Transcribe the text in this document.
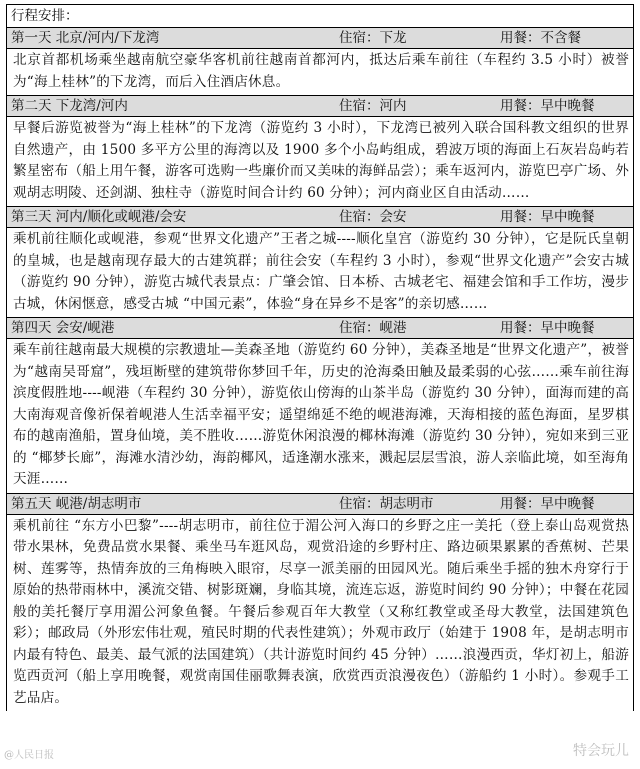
行程安排：
第一天 北京/河内/下龙湾	住宿：下龙	用餐：不含餐

北京首都机场乘坐越南航空豪华客机前往越南首都河内，抵达后乘车前往（车程约 3.5 小时）被誉为“海上桂林”的下龙湾，而后入住酒店休息。

第二天 下龙湾/河内	住宿：河内	用餐：早中晚餐

早餐后游览被誉为“海上桂林”的下龙湾（游览约 3 小时），下龙湾已被列入联合国科教文组织的世界自然遗产，由 1500 多平方公里的海湾以及 1900 多个小岛屿组成，碧波万顷的海面上石灰岩岛屿若繁星密布（船上用午餐，游客可选购一些廉价而又美味的海鲜品尝）；乘车返河内，游览巴亭广场、外观胡志明陵、还剑湖、独柱寺（游览时间合计约 60 分钟）；河内商业区自由活动……

第三天 河内/顺化或岘港/会安	住宿：会安	用餐：早中晚餐

乘机前往顺化或岘港，参观“世界文化遗产”王者之城----顺化皇宫（游览约 30 分钟），它是阮氏皇朝的皇城，也是越南现存最大的古建筑群；前往会安（车程约 3 小时），参观“世界文化遗产”会安古城（游览约 90 分钟），游览古城代表景点：广肇会馆、日本桥、古城老宅、福建会馆和手工作坊，漫步古城，休闲惬意，感受古城 “中国元素”，体验“身在异乡不是客”的亲切感……

第四天 会安/岘港	住宿：岘港	用餐：早中晚餐

乘车前往越南最大规模的宗教遗址—美森圣地（游览约 60 分钟），美森圣地是“世界文化遗产”，被誉为“越南吴哥窟”，残垣断壁的建筑带你梦回千年，历史的沧海桑田触及最柔弱的心弦……乘车前往海滨度假胜地----岘港（车程约 30 分钟），游览依山傍海的山茶半岛（游览约 30 分钟），面海而建的高大南海观音像祈保着岘港人生活幸福平安；遥望绵延不绝的岘港海滩，天海相接的蓝色海面，星罗棋布的越南渔船，置身仙境，美不胜收……游览休闲浪漫的椰林海滩（游览约 30 分钟），宛如来到三亚的 “椰梦长廊”，海滩水清沙幼，海韵椰风，适逢潮水涨来，溅起层层雪浪，游人亲临此境，如至海角天涯……

第五天 岘港/胡志明市	住宿：胡志明市	用餐：早中晚餐

乘机前往 “东方小巴黎”----胡志明市，前往位于湄公河入海口的乡野之庄一美托（登上泰山岛观赏热带水果林，免费品赏水果餐、乘坐马车逛风岛，观赏沿途的乡野村庄、路边硕果累累的香蕉树、芒果树、莲雾等，热情奔放的三角梅映入眼帘，尽享一派美丽的田园风光。随后乘坐手摇的独木舟穿行于原始的热带雨林中，溪流交错、树影斑斓，身临其境，流连忘返，游览时间约 90 分钟）；中餐在花园般的美托餐厅享用湄公河象鱼餐。午餐后参观百年大教堂（又称红教堂或圣母大教堂，法国建筑色彩）；邮政局（外形宏伟壮观，殖民时期的代表性建筑）；外观市政厅（始建于 1908 年，是胡志明市内最有特色、最美、最气派的法国建筑）（共计游览时间约 45 分钟）……浪漫西贡，华灯初上，船游览西贡河（船上享用晚餐，观赏南国佳丽歌舞表演，欣赏西贡浪漫夜色）（游船约 1 小时）。参观手工艺品店。

@人民日报	特会玩儿
